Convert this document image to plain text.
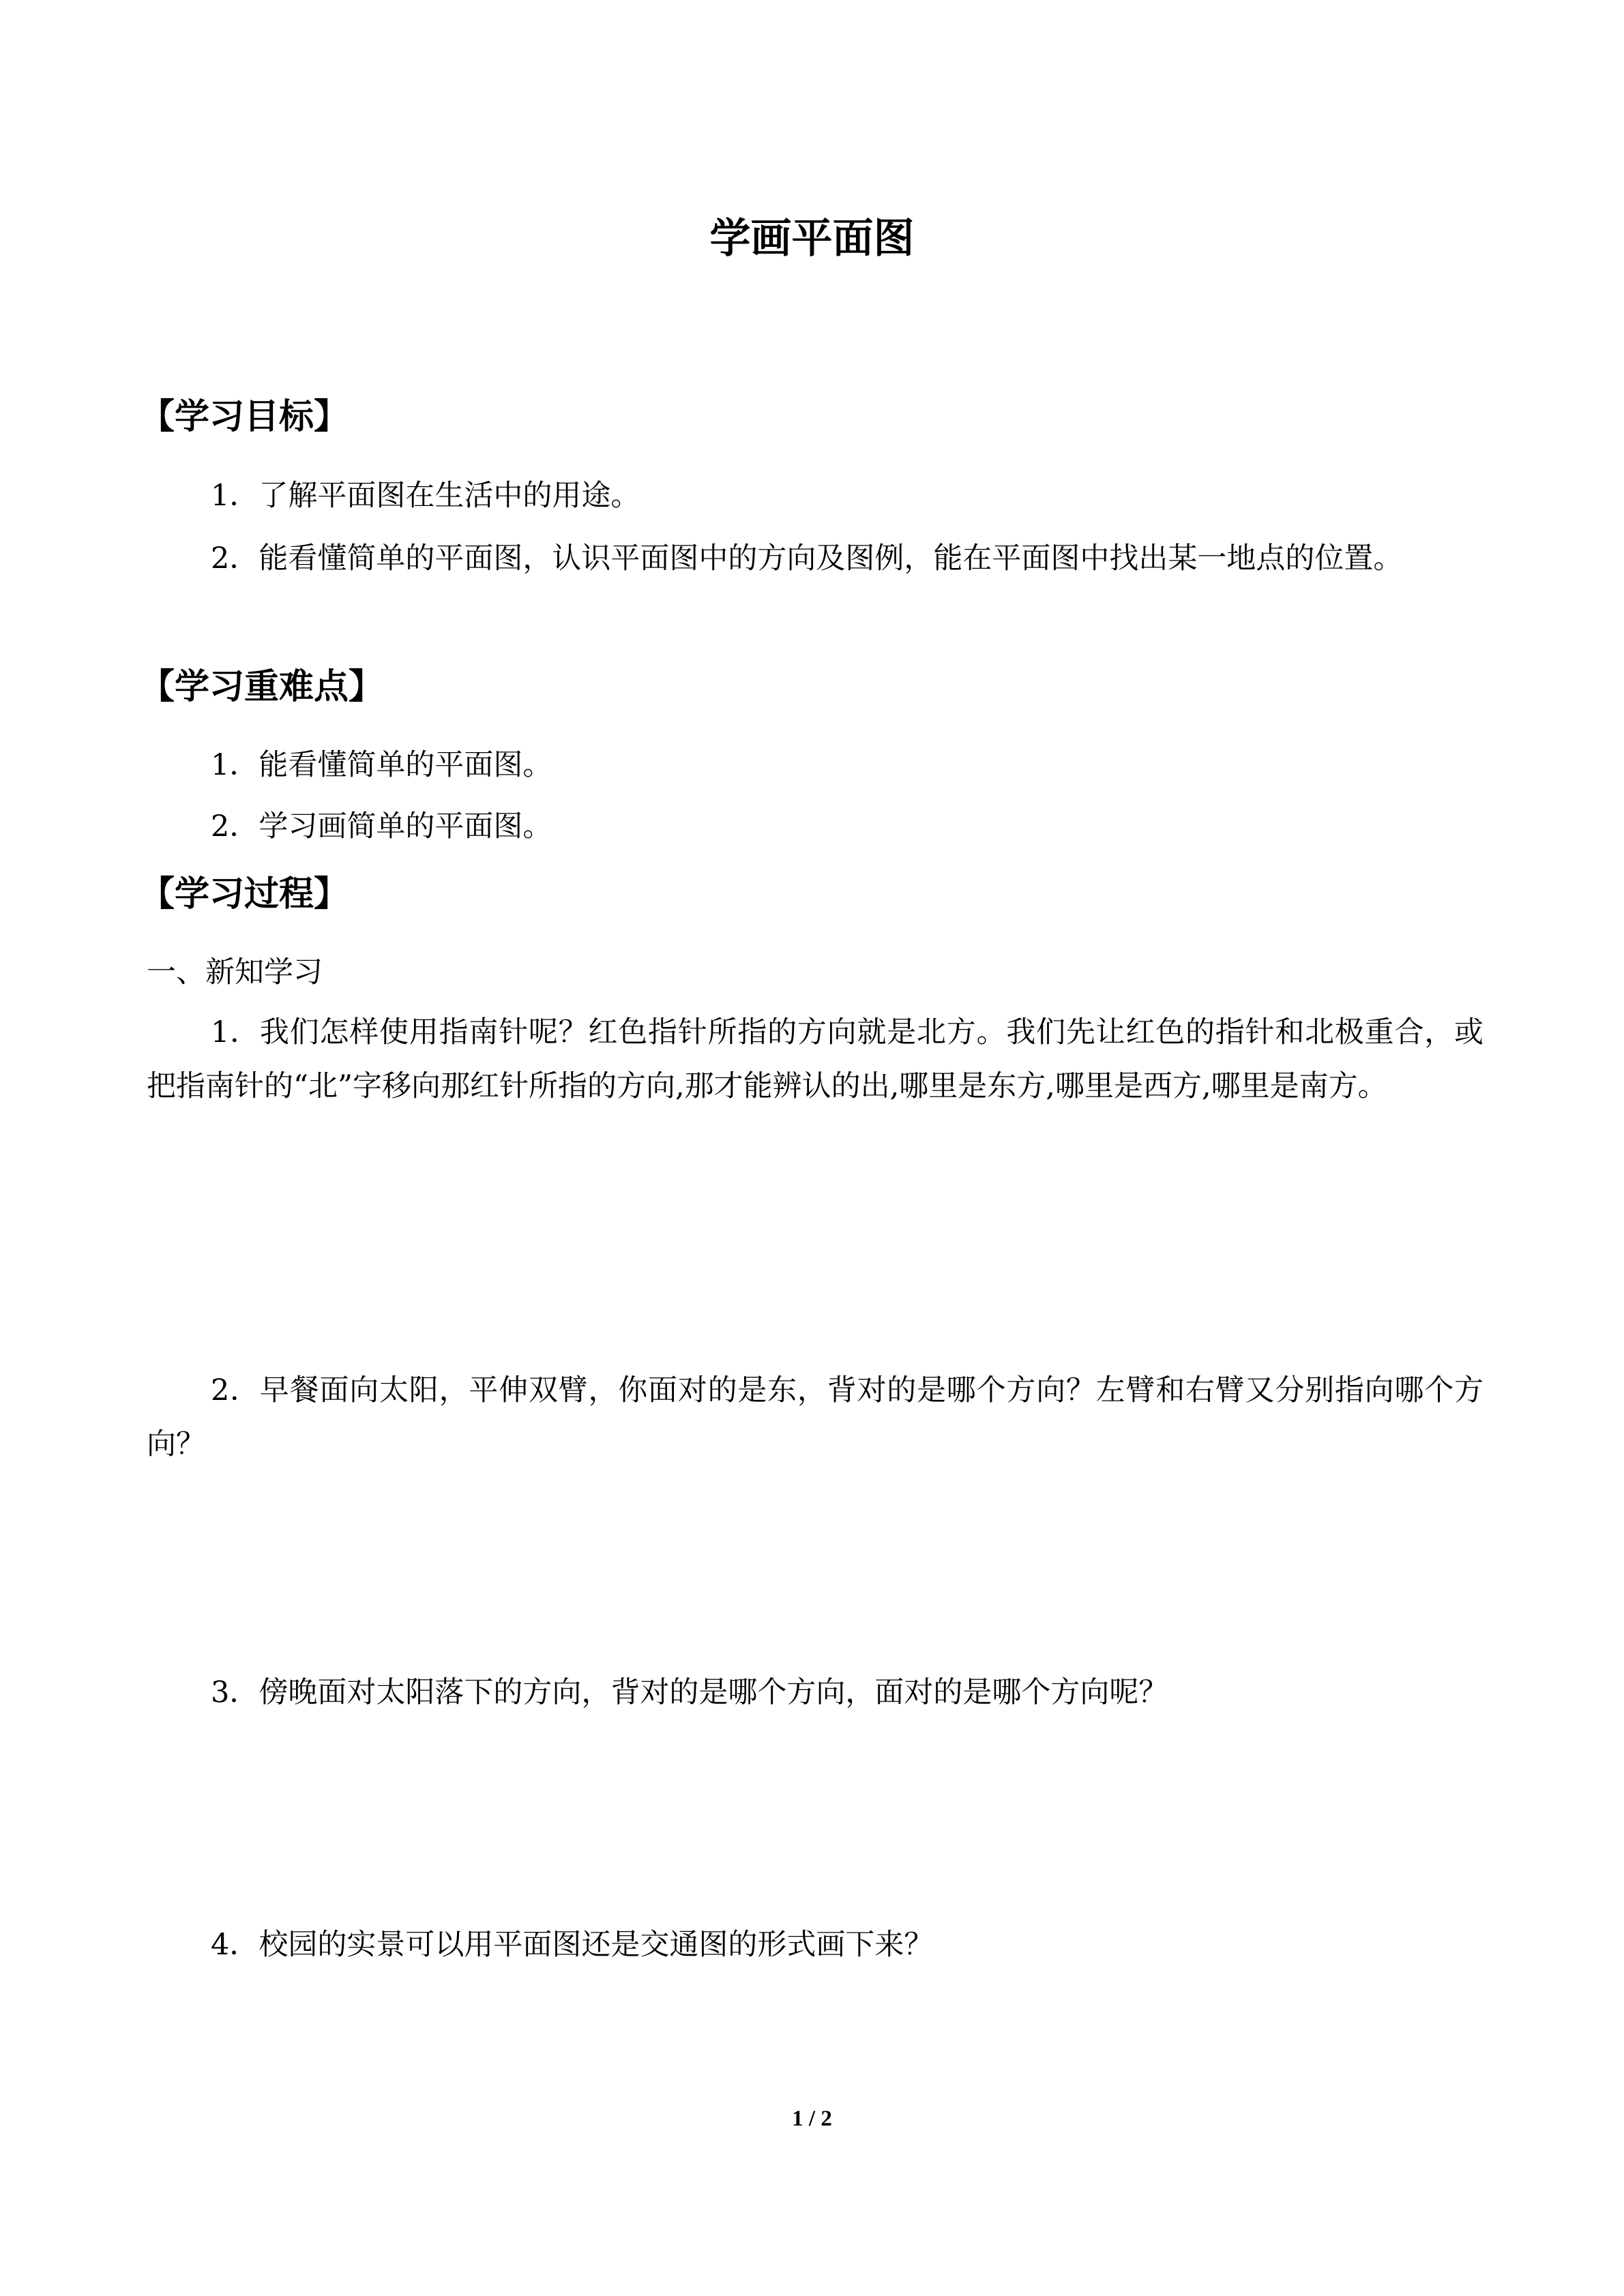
学画平面图
【学习目标】
1．了解平面图在生活中的用途。
2．能看懂简单的平面图，认识平面图中的方向及图例，能在平面图中找出某一地点的位置。
【学习重难点】
1．能看懂简单的平面图。
2．学习画简单的平面图。
【学习过程】
一、新知学习
1．我们怎样使用指南针呢？红色指针所指的方向就是北方。我们先让红色的指针和北极重合，或把指南针的“北”字移向那红针所指的方向,那才能辨认的出,哪里是东方,哪里是西方,哪里是南方。
2．早餐面向太阳，平伸双臂，你面对的是东，背对的是哪个方向？左臂和右臂又分别指向哪个方向？
3．傍晚面对太阳落下的方向，背对的是哪个方向，面对的是哪个方向呢？
4．校园的实景可以用平面图还是交通图的形式画下来？
1 / 2
